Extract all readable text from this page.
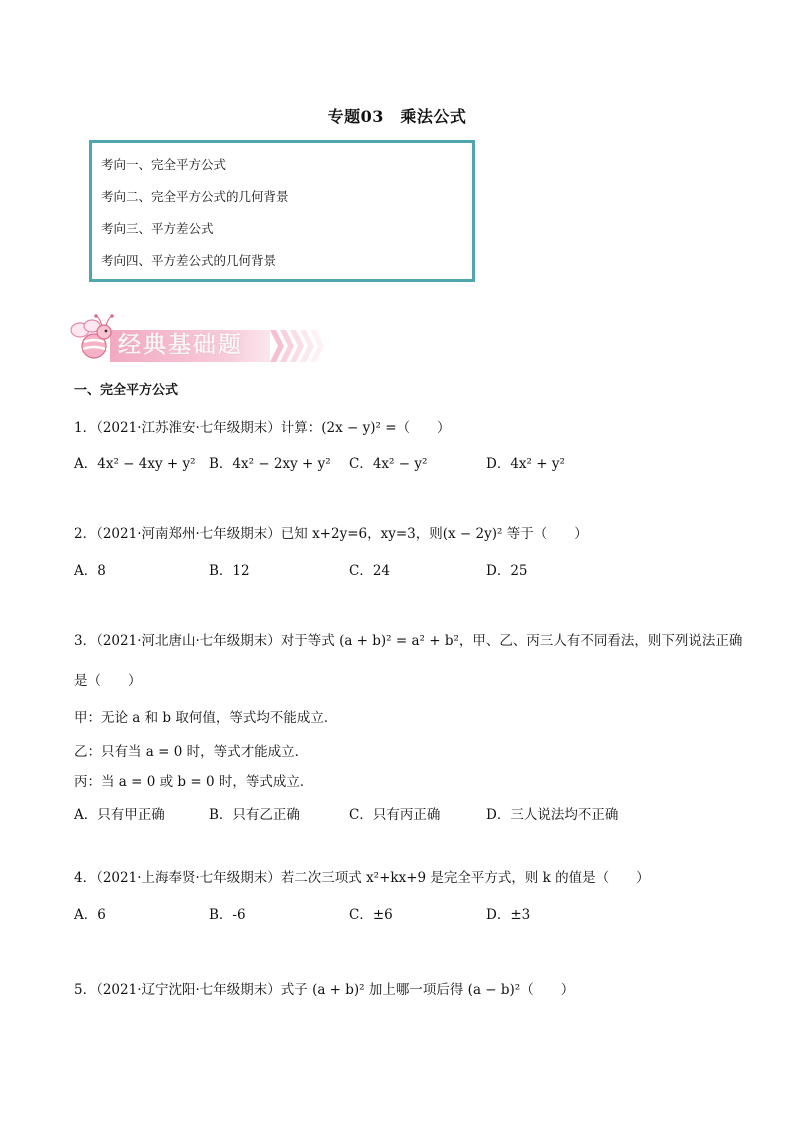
专题03　乘法公式
考向一、完全平方公式
考向二、完全平方公式的几何背景
考向三、平方差公式
考向四、平方差公式的几何背景
经典基础题
一、完全平方公式
1．（2021·江苏淮安·七年级期末）计算：(2x − y)² =（　　）
A．4x² − 4xy + y² B．4x² − 2xy + y² C．4x² − y²	D．4x² + y²
2．（2021·河南郑州·七年级期末）已知 x+2y=6，xy=3，则(x − 2y)² 等于（　　）
A．8	B．12	C．24	D．25
3．（2021·河北唐山·七年级期末）对于等式 (a + b)² = a² + b²，甲、乙、丙三人有不同看法，则下列说法正确
是（　　）
甲：无论 a 和 b 取何值，等式均不能成立．
乙：只有当 a = 0 时，等式才能成立．
丙：当 a = 0 或 b = 0 时，等式成立．
A．只有甲正确	B．只有乙正确	C．只有丙正确	D．三人说法均不正确
4．（2021·上海奉贤·七年级期末）若二次三项式 x²+kx+9 是完全平方式，则 k 的值是（　　）
A．6	B．-6	C．±6	D．±3
5．（2021·辽宁沈阳·七年级期末）式子 (a + b)² 加上哪一项后得 (a − b)²（　　）
